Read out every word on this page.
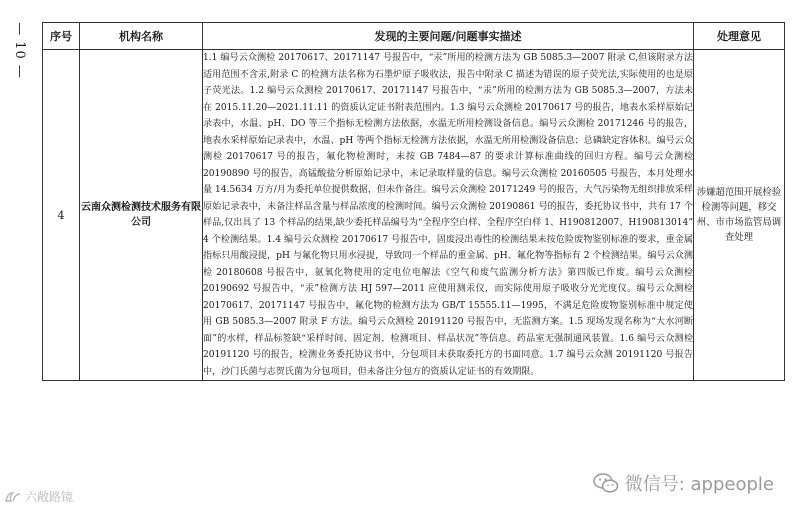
— 10 — 序号	机构名称	发现的主要问题/问题事实描述	处理意见
4	云南众测检测技术服务有限公司	1.1 编号云众测检 20170617、20171147 号报告中，“汞”所用的检测方法为 GB 5085.3—2007 附录 C,但该附录方法适用范围不含汞,附录 C 的检测方法名称为石墨炉原子吸收法，报告中附录 C 描述为错误的原子荧光法,实际使用的也是原子荧光法。1.2 编号云众测检 20170617、20171147 号报告中，“汞”所用的检测方法为 GB 5085.3—2007，方法未在 2015.11.20—2021.11.11 的资质认定证书附表范围内。1.3 编号云众测检 20170617 号的报告，地表水采样原始记录表中，水温、pH、DO 等三个指标无检测方法依据，水温无所用检测设备信息。编号云众测检 20171246 号的报告，地表水采样原始记录表中，水温、pH 等两个指标无检测方法依据，水温无所用检测设备信息；总磷缺定容体积。编号云众测检 20170617 号的报告，氟化物检测时，未按 GB 7484—87 的要求计算标准曲线的回归方程。编号云众测检 20190890 号的报告，高锰酸盐分析原始记录中，未记录取样量的信息。编号云众测检 20160505 号报告，本月处理水量 14.5634 万方/月为委托单位提供数据，但未作备注。编号云众测检 20171249 号的报告，大气污染物无组织排放采样原始记录表中，未备注样品含量与样品浓度的检测时间。编号云众测检 20190861 号的报告，委托协议书中，共有 17 个样品,仅出具了 13 个样品的结果,缺少委托样品编号为“全程序空白样、全程序空白样 1、H190812007、H190813014” 4 个检测结果。1.4 编号云众测检 20170617 号报告中，固废浸出毒性的检测结果未按危险废物鉴别标准的要求，重金属指标只用酸浸提，pH 与氟化物只用水浸提，导致同一个样品的重金属、pH、氟化物等指标有 2 个检测结果。编号云众测检 20180608 号报告中，氨氧化物使用的定电位电解法《空气和废气监测分析方法》第四版已作废。编号云众测检 20190692 号报告中，“汞”检测方法 HJ 597—2011 应使用测汞仪，而实际使用原子吸收分光光度仪。编号云众测检 20170617、20171147 号报告中，氟化物的检测方法为 GB/T 15555.11—1995，不满足危险废物鉴别标准中规定使用 GB 5085.3—2007 附录 F 方法。编号云众测检 20191120 号报告中，无监测方案。1.5 现场发现名称为“大水河断面”的水样，样品标签缺“采样时间、固定剂、检测项目、样品状况”等信息。药品室无强制通风装置。1.6 编号云众测检 20191120 号的报告，检测业务委托协议书中，分包项目未获取委托方的书面同意。1.7 编号云众测 20191120 号报告中，沙门氏菌与志贺氏菌为分包项目，但未备注分包方的资质认定证书的有效期限。	涉嫌超范围开展检验检测等问题，移交州、市市场监管局调查处理
六敞路镜
微信号: appeople
